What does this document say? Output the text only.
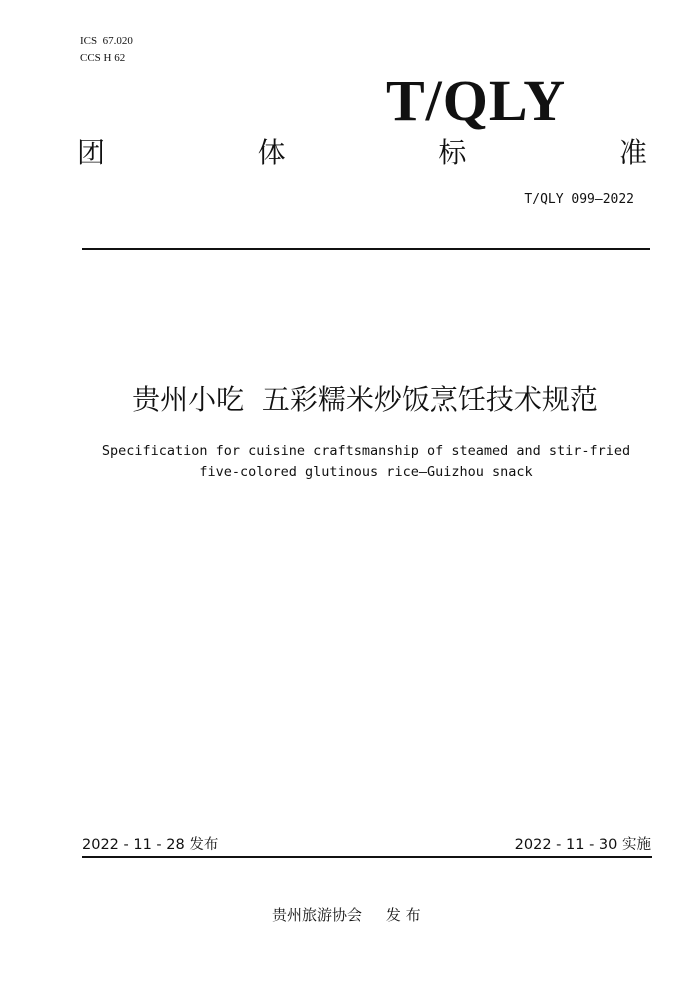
ICS  67.020
CCS H 62
T/QLY
团	体	标	准
T/QLY 099—2022
贵州小吃  五彩糯米炒饭烹饪技术规范
Specification for cuisine craftsmanship of steamed and stir-fried
five-colored glutinous rice—Guizhou snack
2022 - 11 - 28 发布	2022 - 11 - 30 实施
贵州旅游协会     发 布
